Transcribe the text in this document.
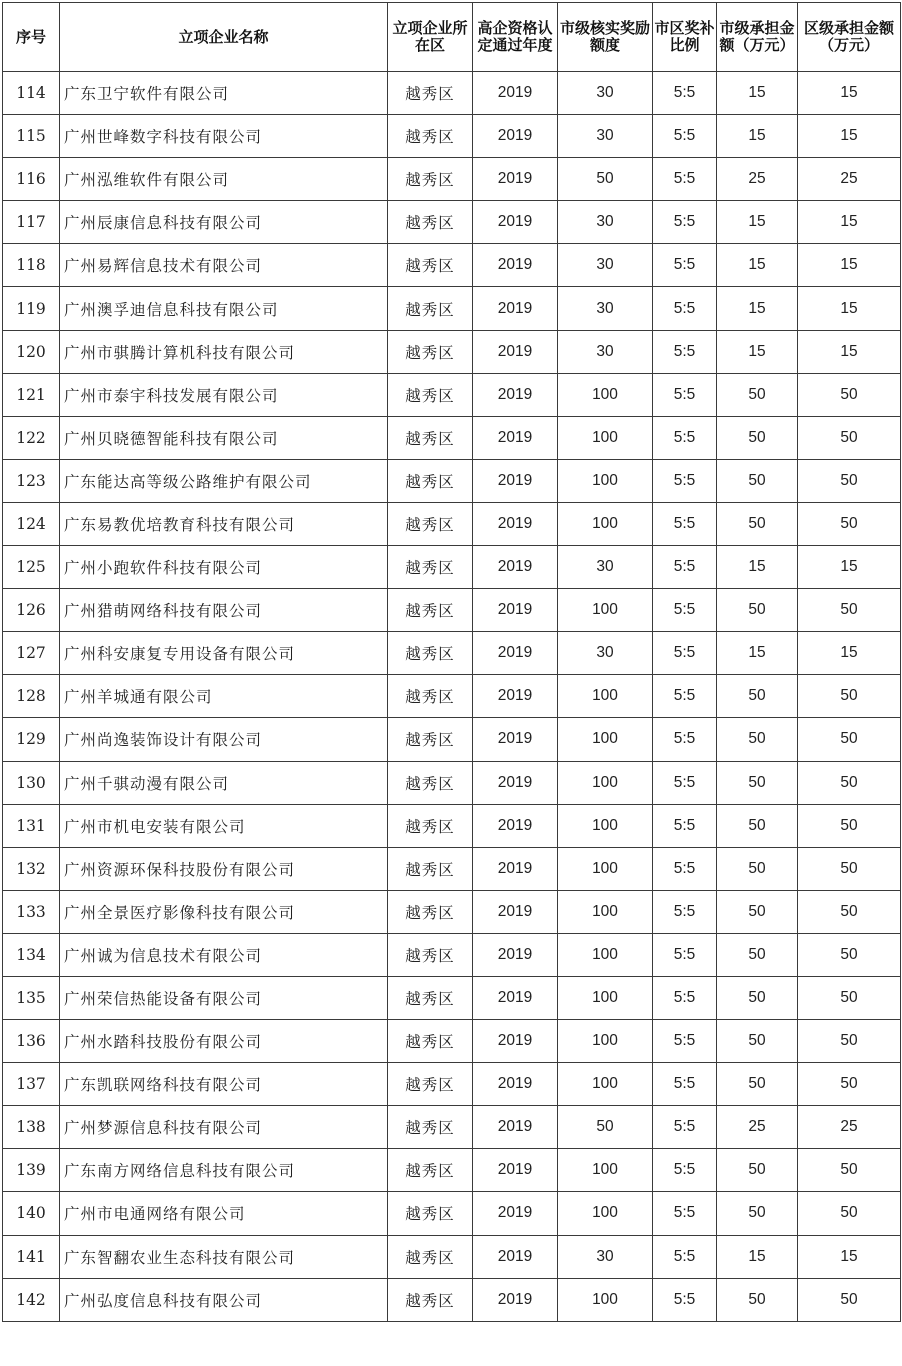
序号	立项企业名称	立项企业所在区	高企资格认定通过年度	市级核实奖励额度	市区奖补比例	市级承担金额（万元）	区级承担金额（万元）
114	广东卫宁软件有限公司	越秀区	2019	30	5:5	15	15
115	广州世峰数字科技有限公司	越秀区	2019	30	5:5	15	15
116	广州泓维软件有限公司	越秀区	2019	50	5:5	25	25
117	广州辰康信息科技有限公司	越秀区	2019	30	5:5	15	15
118	广州易辉信息技术有限公司	越秀区	2019	30	5:5	15	15
119	广州澳孚迪信息科技有限公司	越秀区	2019	30	5:5	15	15
120	广州市骐腾计算机科技有限公司	越秀区	2019	30	5:5	15	15
121	广州市泰宇科技发展有限公司	越秀区	2019	100	5:5	50	50
122	广州贝晓德智能科技有限公司	越秀区	2019	100	5:5	50	50
123	广东能达高等级公路维护有限公司	越秀区	2019	100	5:5	50	50
124	广东易教优培教育科技有限公司	越秀区	2019	100	5:5	50	50
125	广州小跑软件科技有限公司	越秀区	2019	30	5:5	15	15
126	广州猎萌网络科技有限公司	越秀区	2019	100	5:5	50	50
127	广州科安康复专用设备有限公司	越秀区	2019	30	5:5	15	15
128	广州羊城通有限公司	越秀区	2019	100	5:5	50	50
129	广州尚逸装饰设计有限公司	越秀区	2019	100	5:5	50	50
130	广州千骐动漫有限公司	越秀区	2019	100	5:5	50	50
131	广州市机电安装有限公司	越秀区	2019	100	5:5	50	50
132	广州资源环保科技股份有限公司	越秀区	2019	100	5:5	50	50
133	广州全景医疗影像科技有限公司	越秀区	2019	100	5:5	50	50
134	广州诚为信息技术有限公司	越秀区	2019	100	5:5	50	50
135	广州荣信热能设备有限公司	越秀区	2019	100	5:5	50	50
136	广州水踏科技股份有限公司	越秀区	2019	100	5:5	50	50
137	广东凯联网络科技有限公司	越秀区	2019	100	5:5	50	50
138	广州梦源信息科技有限公司	越秀区	2019	50	5:5	25	25
139	广东南方网络信息科技有限公司	越秀区	2019	100	5:5	50	50
140	广州市电通网络有限公司	越秀区	2019	100	5:5	50	50
141	广东智翻农业生态科技有限公司	越秀区	2019	30	5:5	15	15
142	广州弘度信息科技有限公司	越秀区	2019	100	5:5	50	50
